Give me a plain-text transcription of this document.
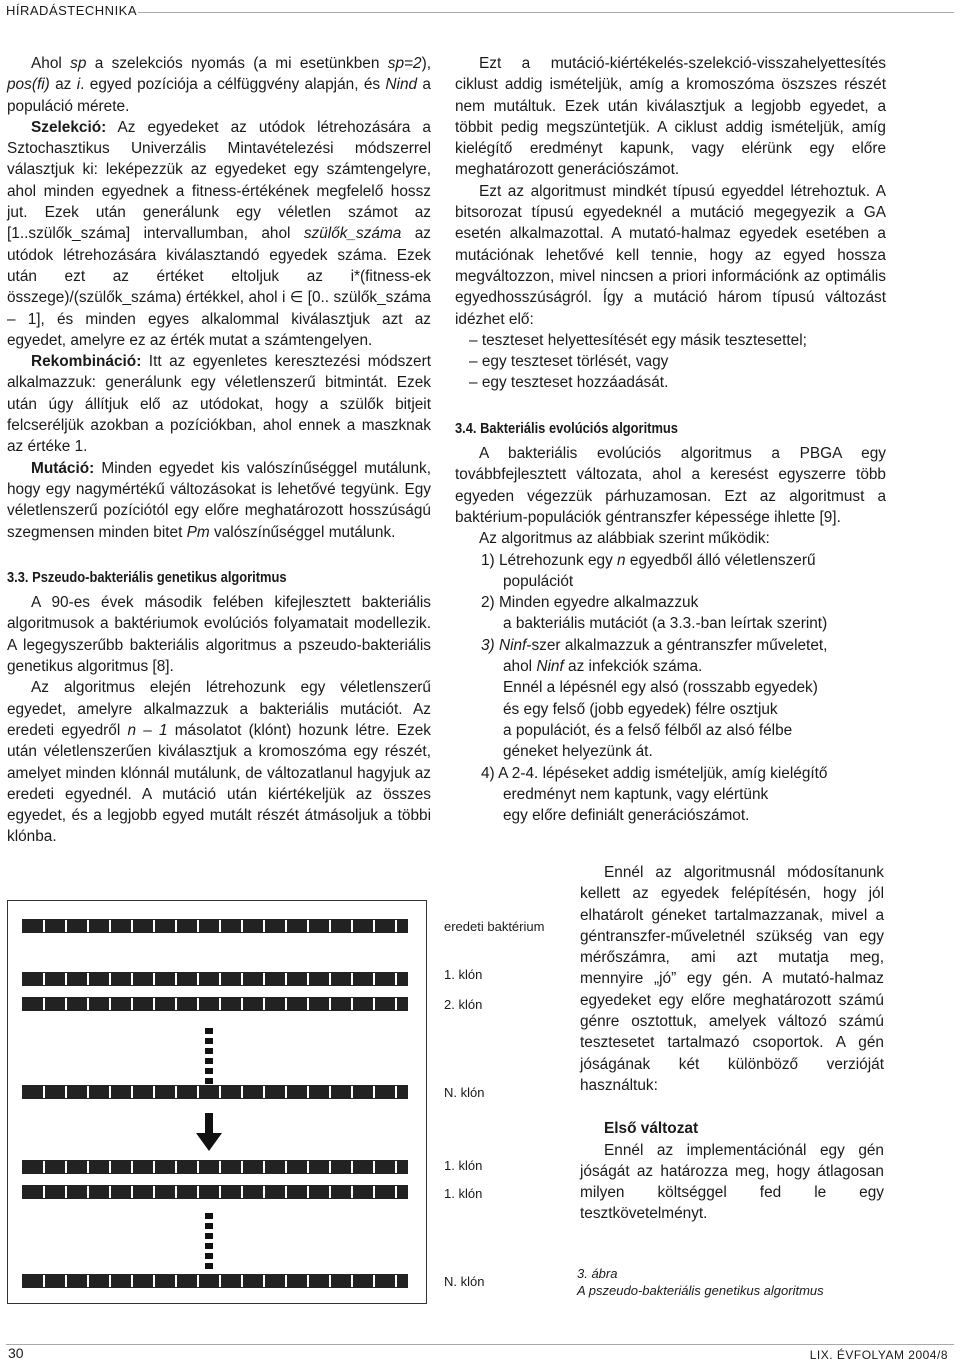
HÍRADÁSTECHNIKA

Ahol sp a szelekciós nyomás (a mi esetünkben sp=2), pos(fi) az i. egyed pozíciója a célfüggvény alapján, és Nind a populáció mérete.

Szelekció: Az egyedeket az utódok létrehozására a Sztochasztikus Univerzális Mintavételezési módszerrel választjuk ki: leképezzük az egyedeket egy számtengelyre, ahol minden egyednek a fitness-értékének megfelelő hossz jut. Ezek után generálunk egy véletlen számot az [1..szülők_száma] intervallumban, ahol szülők_száma az utódok létrehozására kiválasztandó egyedek száma. Ezek után ezt az értéket eltoljuk az i*(fitness-ek összege)/(szülők_száma) értékkel, ahol i ∈ [0.. szülők_száma – 1], és minden egyes alkalommal kiválasztjuk azt az egyedet, amelyre ez az érték mutat a számtengelyen.

Rekombináció: Itt az egyenletes keresztezési módszert alkalmazzuk: generálunk egy véletlenszerű bitmintát. Ezek után úgy állítjuk elő az utódokat, hogy a szülők bitjeit felcseréljük azokban a pozíciókban, ahol ennek a maszknak az értéke 1.

Mutáció: Minden egyedet kis valószínűséggel mutálunk, hogy egy nagymértékű változásokat is lehetővé tegyünk. Egy véletlenszerű pozíciótól egy előre meghatározott hosszúságú szegmensen minden bitet Pm valószínűséggel mutálunk.

3.3. Pszeudo-bakteriális genetikus algoritmus

A 90-es évek második felében kifejlesztett bakteriális algoritmusok a baktériumok evolúciós folyamatait modellezik. A legegyszerűbb bakteriális algoritmus a pszeudo-bakteriális genetikus algoritmus [8].

Az algoritmus elején létrehozunk egy véletlenszerű egyedet, amelyre alkalmazzuk a bakteriális mutációt. Az eredeti egyedről n – 1 másolatot (klónt) hozunk létre. Ezek után véletlenszerűen kiválasztjuk a kromoszóma egy részét, amelyet minden klónnál mutálunk, de változatlanul hagyjuk az eredeti egyednél. A mutáció után kiértékeljük az összes egyedet, és a legjobb egyed mutált részét átmásoljuk a többi klónba.

Ezt a mutáció-kiértékelés-szelekció-visszahelyettesítés ciklust addig ismételjük, amíg a kromoszóma öszszes részét nem mutáltuk. Ezek után kiválasztjuk a legjobb egyedet, a többit pedig megszüntetjük. A ciklust addig ismételjük, amíg kielégítő eredményt kapunk, vagy elérünk egy előre meghatározott generációszámot.

Ezt az algoritmust mindkét típusú egyeddel létrehoztuk. A bitsorozat típusú egyedeknél a mutáció megegyezik a GA esetén alkalmazottal. A mutató-halmaz egyedek esetében a mutációnak lehetővé kell tennie, hogy az egyed hossza megváltozzon, mivel nincsen a priori információnk az optimális egyedhosszúságról. Így a mutáció három típusú változást idézhet elő:

– teszteset helyettesítését egy másik tesztesettel;

– egy teszteset törlését, vagy

– egy teszteset hozzáadását.

3.4. Bakteriális evolúciós algoritmus

A bakteriális evolúciós algoritmus a PBGA egy továbbfejlesztett változata, ahol a keresést egyszerre több egyeden végezzük párhuzamosan. Ezt az algoritmust a baktérium-populációk géntranszfer képessége ihlette [9].

Az algoritmus az alábbiak szerint működik:

1) Létrehozunk egy n egyedből álló véletlenszerű

populációt

2) Minden egyedre alkalmazzuk

a bakteriális mutációt (a 3.3.-ban leírtak szerint)

3) Ninf-szer alkalmazzuk a géntranszfer műveletet,

ahol Ninf az infekciók száma.

Ennél a lépésnél egy alsó (rosszabb egyedek)

és egy felső (jobb egyedek) félre osztjuk

a populációt, és a felső félből az alsó félbe

géneket helyezünk át.

4) A 2-4. lépéseket addig ismételjük, amíg kielégítő

eredményt nem kaptunk, vagy elértünk

egy előre definiált generációszámot.

eredeti baktérium
1. klón
2. klón
N. klón
1. klón
1. klón
N. klón

Ennél az algoritmusnál módosítanunk kellett az egyedek felépítésén, hogy jól elhatárolt géneket tartalmazzanak, mivel a géntranszfer-műveletnél szükség van egy mérőszámra, ami azt mutatja meg, mennyire „jó” egy gén. A mutató-halmaz egyedeket egy előre meghatározott számú génre osztottuk, amelyek változó számú tesztesetet tartalmazó csoportok. A gén jóságának két különböző verzióját használtuk:

Első változat

Ennél az implementációnál egy gén jóságát az határozza meg, hogy átlagosan milyen költséggel fed le egy tesztkövetelményt.

3. ábra
A pszeudo-bakteriális genetikus algoritmus
30	LIX. ÉVFOLYAM 2004/8
